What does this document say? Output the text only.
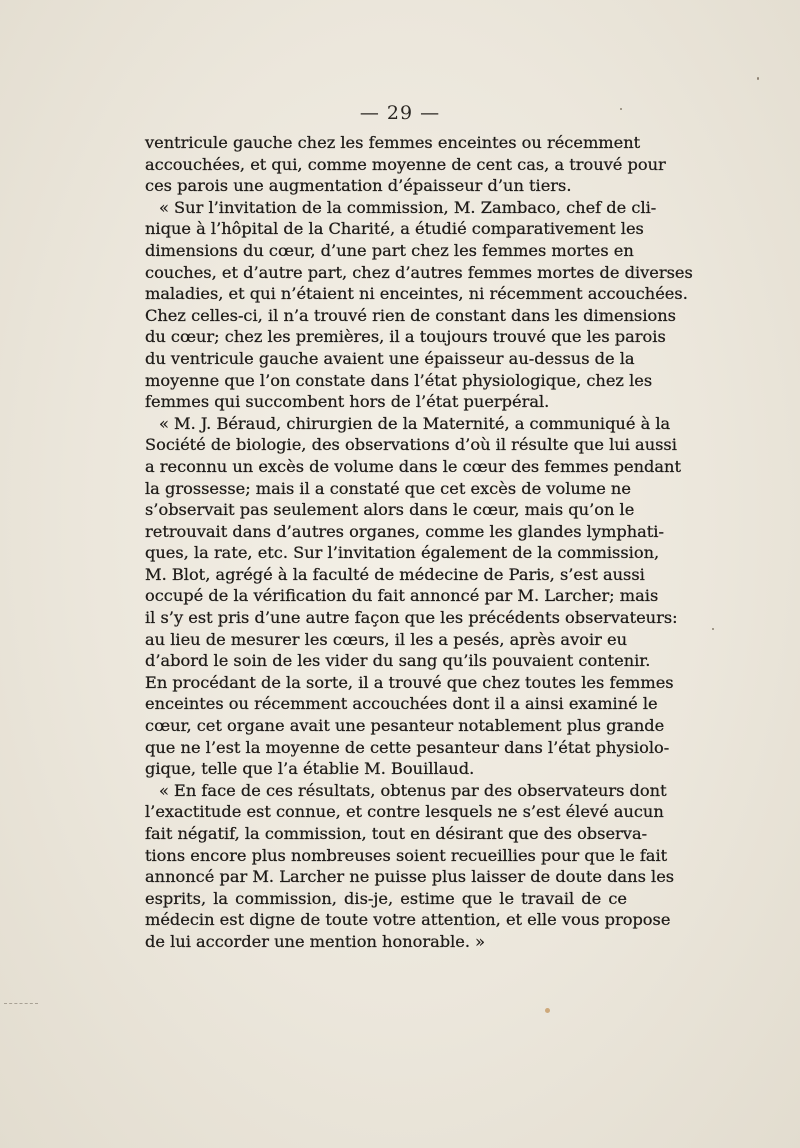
— 29 —
ventricule gauche chez les femmes enceintes ou récemment
accouchées, et qui, comme moyenne de cent cas, a trouvé pour
ces parois une augmentation d’épaisseur d’un tiers.
« Sur l’invitation de la commission, M. Zambaco, chef de cli-
nique à l’hôpital de la Charité, a étudié comparativement les
dimensions du cœur, d’une part chez les femmes mortes en
couches, et d’autre part, chez d’autres femmes mortes de diverses
maladies, et qui n’étaient ni enceintes, ni récemment accouchées.
Chez celles-ci, il n’a trouvé rien de constant dans les dimensions
du cœur; chez les premières, il a toujours trouvé que les parois
du ventricule gauche avaient une épaisseur au-dessus de la
moyenne que l’on constate dans l’état physiologique, chez les
femmes qui succombent hors de l’état puerpéral.
« M. J. Béraud, chirurgien de la Maternité, a communiqué à la
Société de biologie, des observations d’où il résulte que lui aussi
a reconnu un excès de volume dans le cœur des femmes pendant
la grossesse; mais il a constaté que cet excès de volume ne
s’observait pas seulement alors dans le cœur, mais qu’on le
retrouvait dans d’autres organes, comme les glandes lymphati-
ques, la rate, etc. Sur l’invitation également de la commission,
M. Blot, agrégé à la faculté de médecine de Paris, s’est aussi
occupé de la vérification du fait annoncé par M. Larcher; mais
il s’y est pris d’une autre façon que les précédents observateurs:
au lieu de mesurer les cœurs, il les a pesés, après avoir eu
d’abord le soin de les vider du sang qu’ils pouvaient contenir.
En procédant de la sorte, il a trouvé que chez toutes les femmes
enceintes ou récemment accouchées dont il a ainsi examiné le
cœur, cet organe avait une pesanteur notablement plus grande
que ne l’est la moyenne de cette pesanteur dans l’état physiolo-
gique, telle que l’a établie M. Bouillaud.
« En face de ces résultats, obtenus par des observateurs dont
l’exactitude est connue, et contre lesquels ne s’est élevé aucun
fait négatif, la commission, tout en désirant que des observa-
tions encore plus nombreuses soient recueillies pour que le fait
annoncé par M. Larcher ne puisse plus laisser de doute dans les
esprits, la commission, dis-je, estime que le travail de ce
médecin est digne de toute votre attention, et elle vous propose
de lui accorder une mention honorable. »
